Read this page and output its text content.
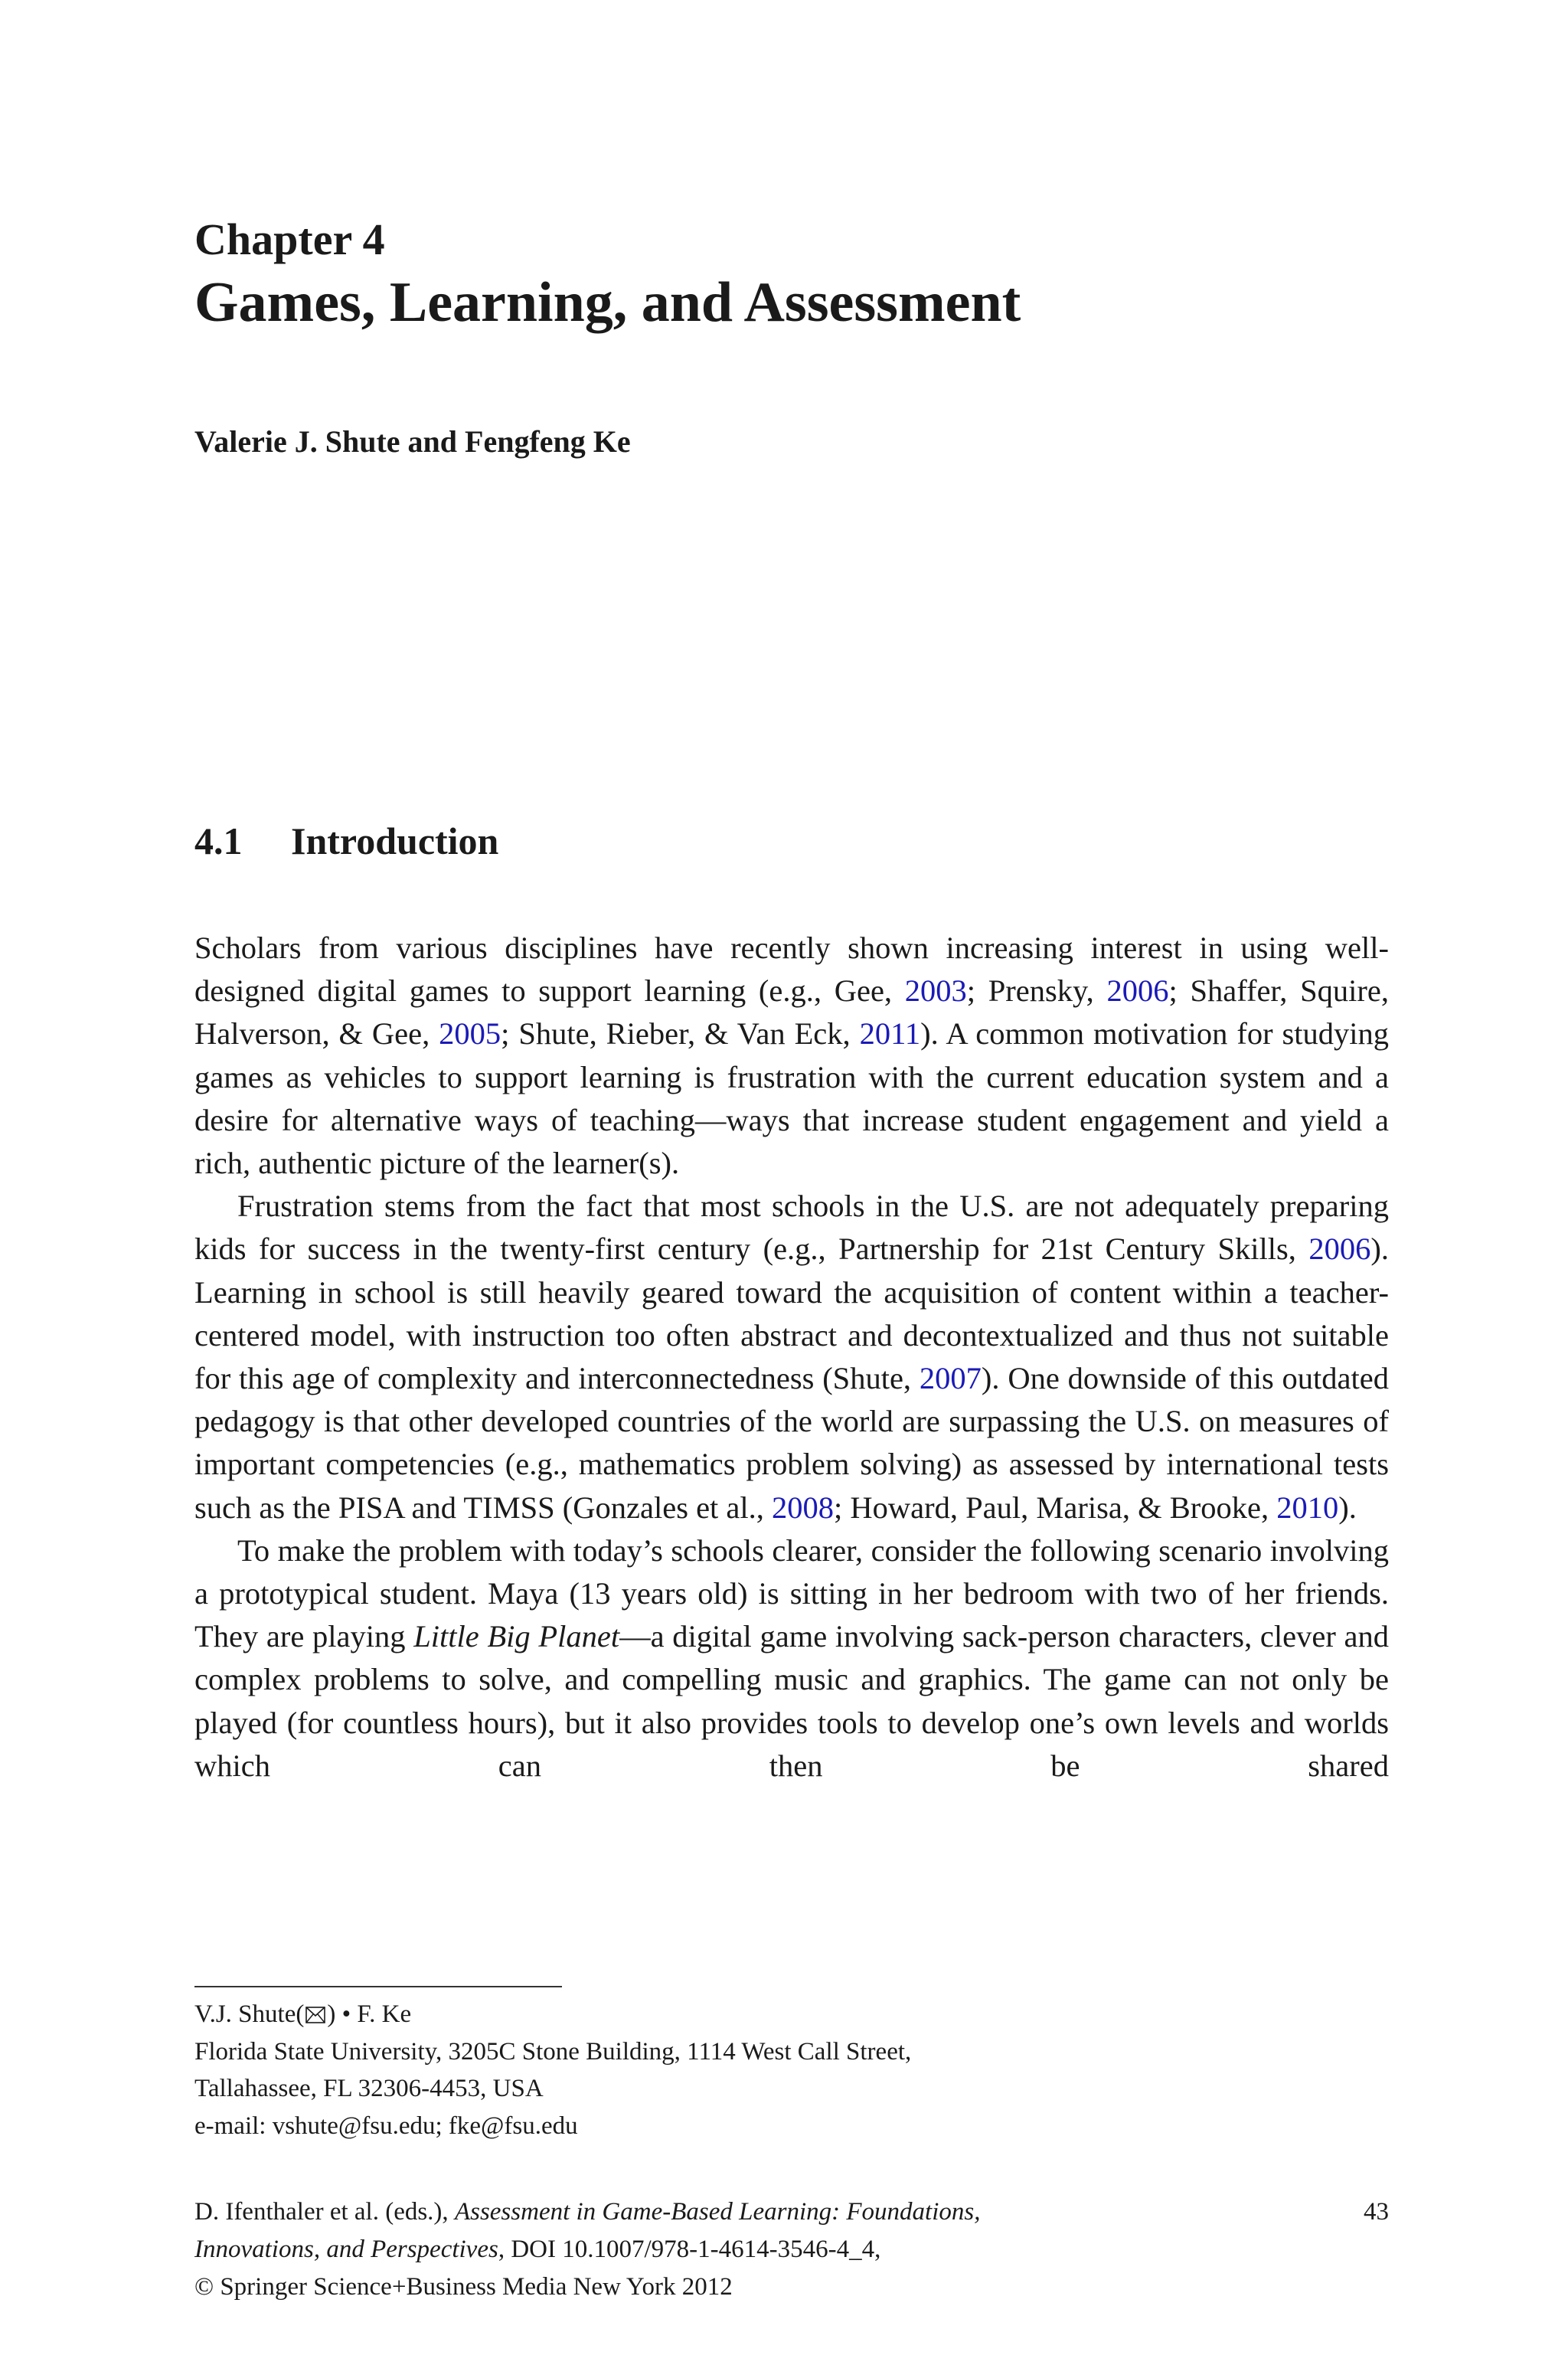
Chapter 4
Games, Learning, and Assessment
Valerie J. Shute and Fengfeng Ke
4.1 Introduction

Scholars from various disciplines have recently shown increasing interest in using well-designed digital games to support learning (e.g., Gee, 2003; Prensky, 2006; Shaffer, Squire, Halverson, & Gee, 2005; Shute, Rieber, & Van Eck, 2011). A common motivation for studying games as vehicles to support learning is frustration with the current education system and a desire for alternative ways of teaching—ways that increase student engagement and yield a rich, authentic picture of the learner(s).

Frustration stems from the fact that most schools in the U.S. are not adequately preparing kids for success in the twenty-first century (e.g., Partnership for 21st Century Skills, 2006). Learning in school is still heavily geared toward the acquisition of content within a teacher-centered model, with instruction too often abstract and decontextualized and thus not suitable for this age of complexity and interconnectedness (Shute, 2007). One downside of this outdated pedagogy is that other developed countries of the world are surpassing the U.S. on measures of important competencies (e.g., mathematics problem solving) as assessed by international tests such as the PISA and TIMSS (Gonzales et al., 2008; Howard, Paul, Marisa, & Brooke, 2010).

To make the problem with today’s schools clearer, consider the following scenario involving a prototypical student. Maya (13 years old) is sitting in her bedroom with two of her friends. They are playing Little Big Planet—a digital game involving sack-person characters, clever and complex problems to solve, and compelling music and graphics. The game can not only be played (for countless hours), but it also provides tools to develop one’s own levels and worlds which can then be shared

V.J. Shute( ) • F. Ke
Florida State University, 3205C Stone Building, 1114 West Call Street,
Tallahassee, FL 32306-4453, USA
e-mail: vshute@fsu.edu; fke@fsu.edu
D. Ifenthaler et al. (eds.), Assessment in Game-Based Learning: Foundations,
Innovations, and Perspectives, DOI 10.1007/978-1-4614-3546-4_4,
© Springer Science+Business Media New York 2012
43
